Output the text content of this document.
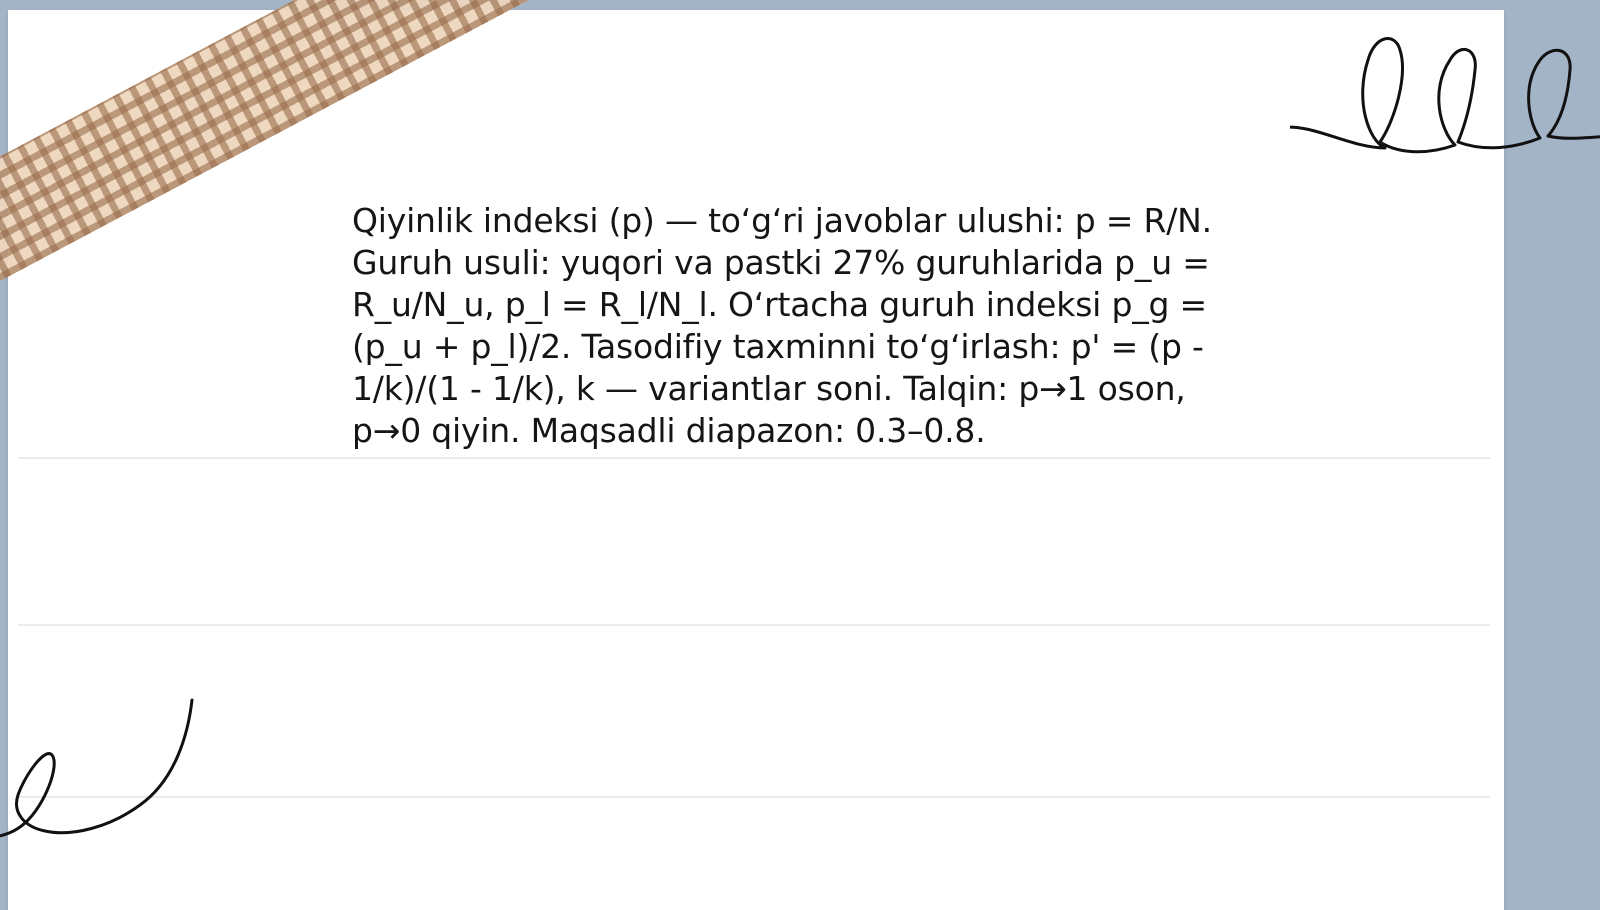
Qiyinlik indeksi (p) — toʻgʻri javoblar ulushi: p = R/N. Guruh usuli: yuqori va pastki 27% guruhlarida p_u = R_u/N_u, p_l = R_l/N_l. Oʻrtacha guruh indeksi p_g = (p_u + p_l)/2. Tasodifiy taxminni toʻgʻirlash: p' = (p - 1/k)/(1 - 1/k), k — variantlar soni. Talqin: p→1 oson, p→0 qiyin. Maqsadli diapazon: 0.3–0.8.
